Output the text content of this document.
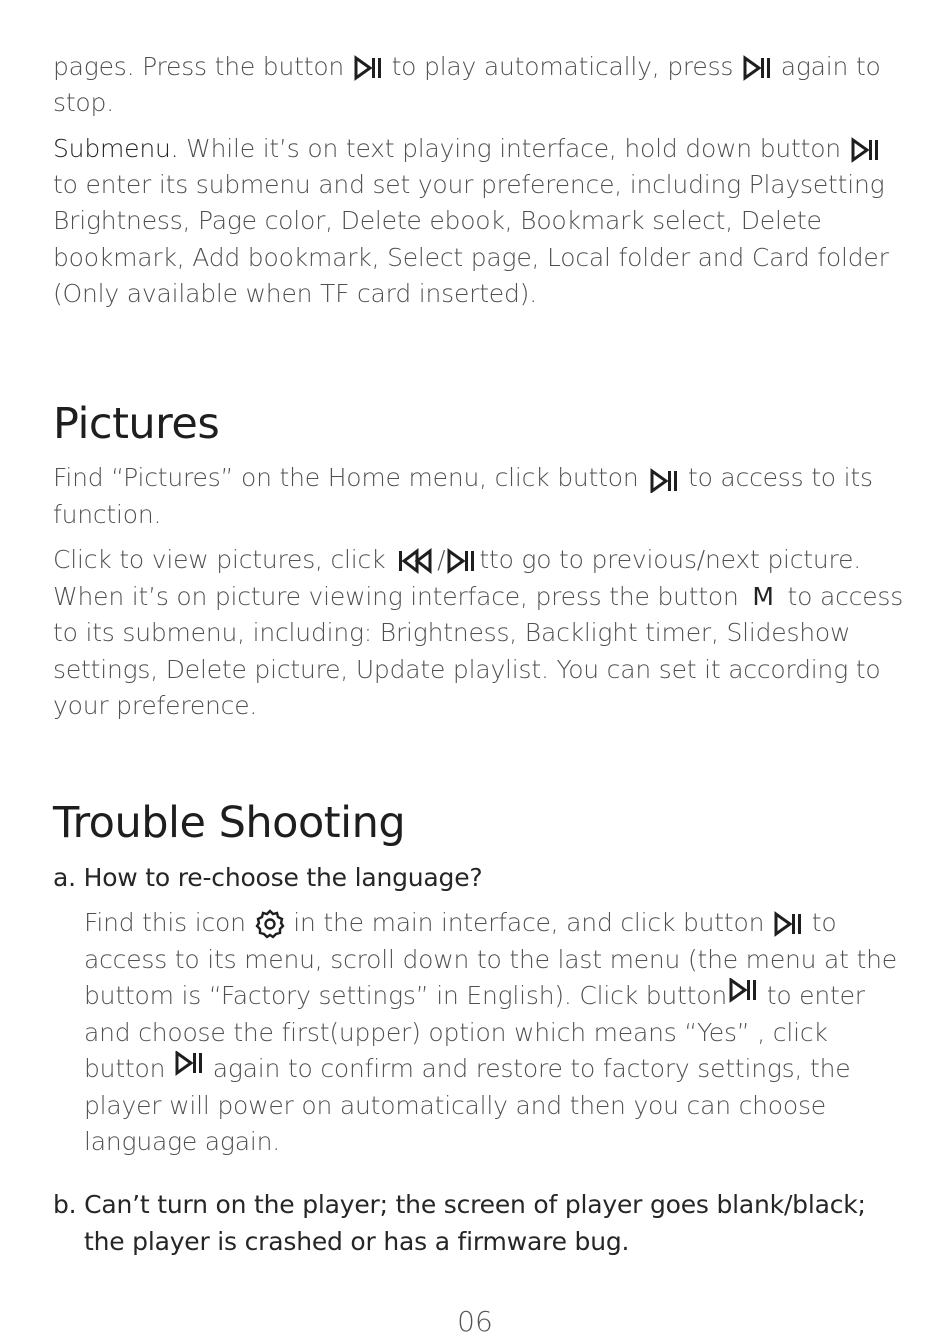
pages. Press the button
to play automatically, press
again to
stop.
Submenu. While it’s on text playing interface, hold down button
to enter its submenu and set your preference, including Playsetting
Brightness, Page color, Delete ebook, Bookmark select, Delete
bookmark, Add bookmark, Select page, Local folder and Card folder
(Only available when TF card inserted).
Pictures
Find “Pictures” on the Home menu, click button
to access to its
function.
Click to view pictures, click
/ tto go to previous/next picture.
When it’s on picture viewing interface, press the button M to access
to its submenu, including: Brightness, Backlight timer, Slideshow
settings, Delete picture, Update playlist. You can set it according to
your preference.
Trouble Shooting
a. How to re-choose the language?
Find this icon
in the main interface, and click button
to
access to its menu, scroll down to the last menu (the menu at the
buttom is “Factory settings” in English). Click button
to enter
and choose the first(upper) option which means “Yes” , click
button
again to confirm and restore to factory settings, the
player will power on automatically and then you can choose
language again.
b. Can’t turn on the player; the screen of player goes blank/black;
the player is crashed or has a firmware bug.
06
